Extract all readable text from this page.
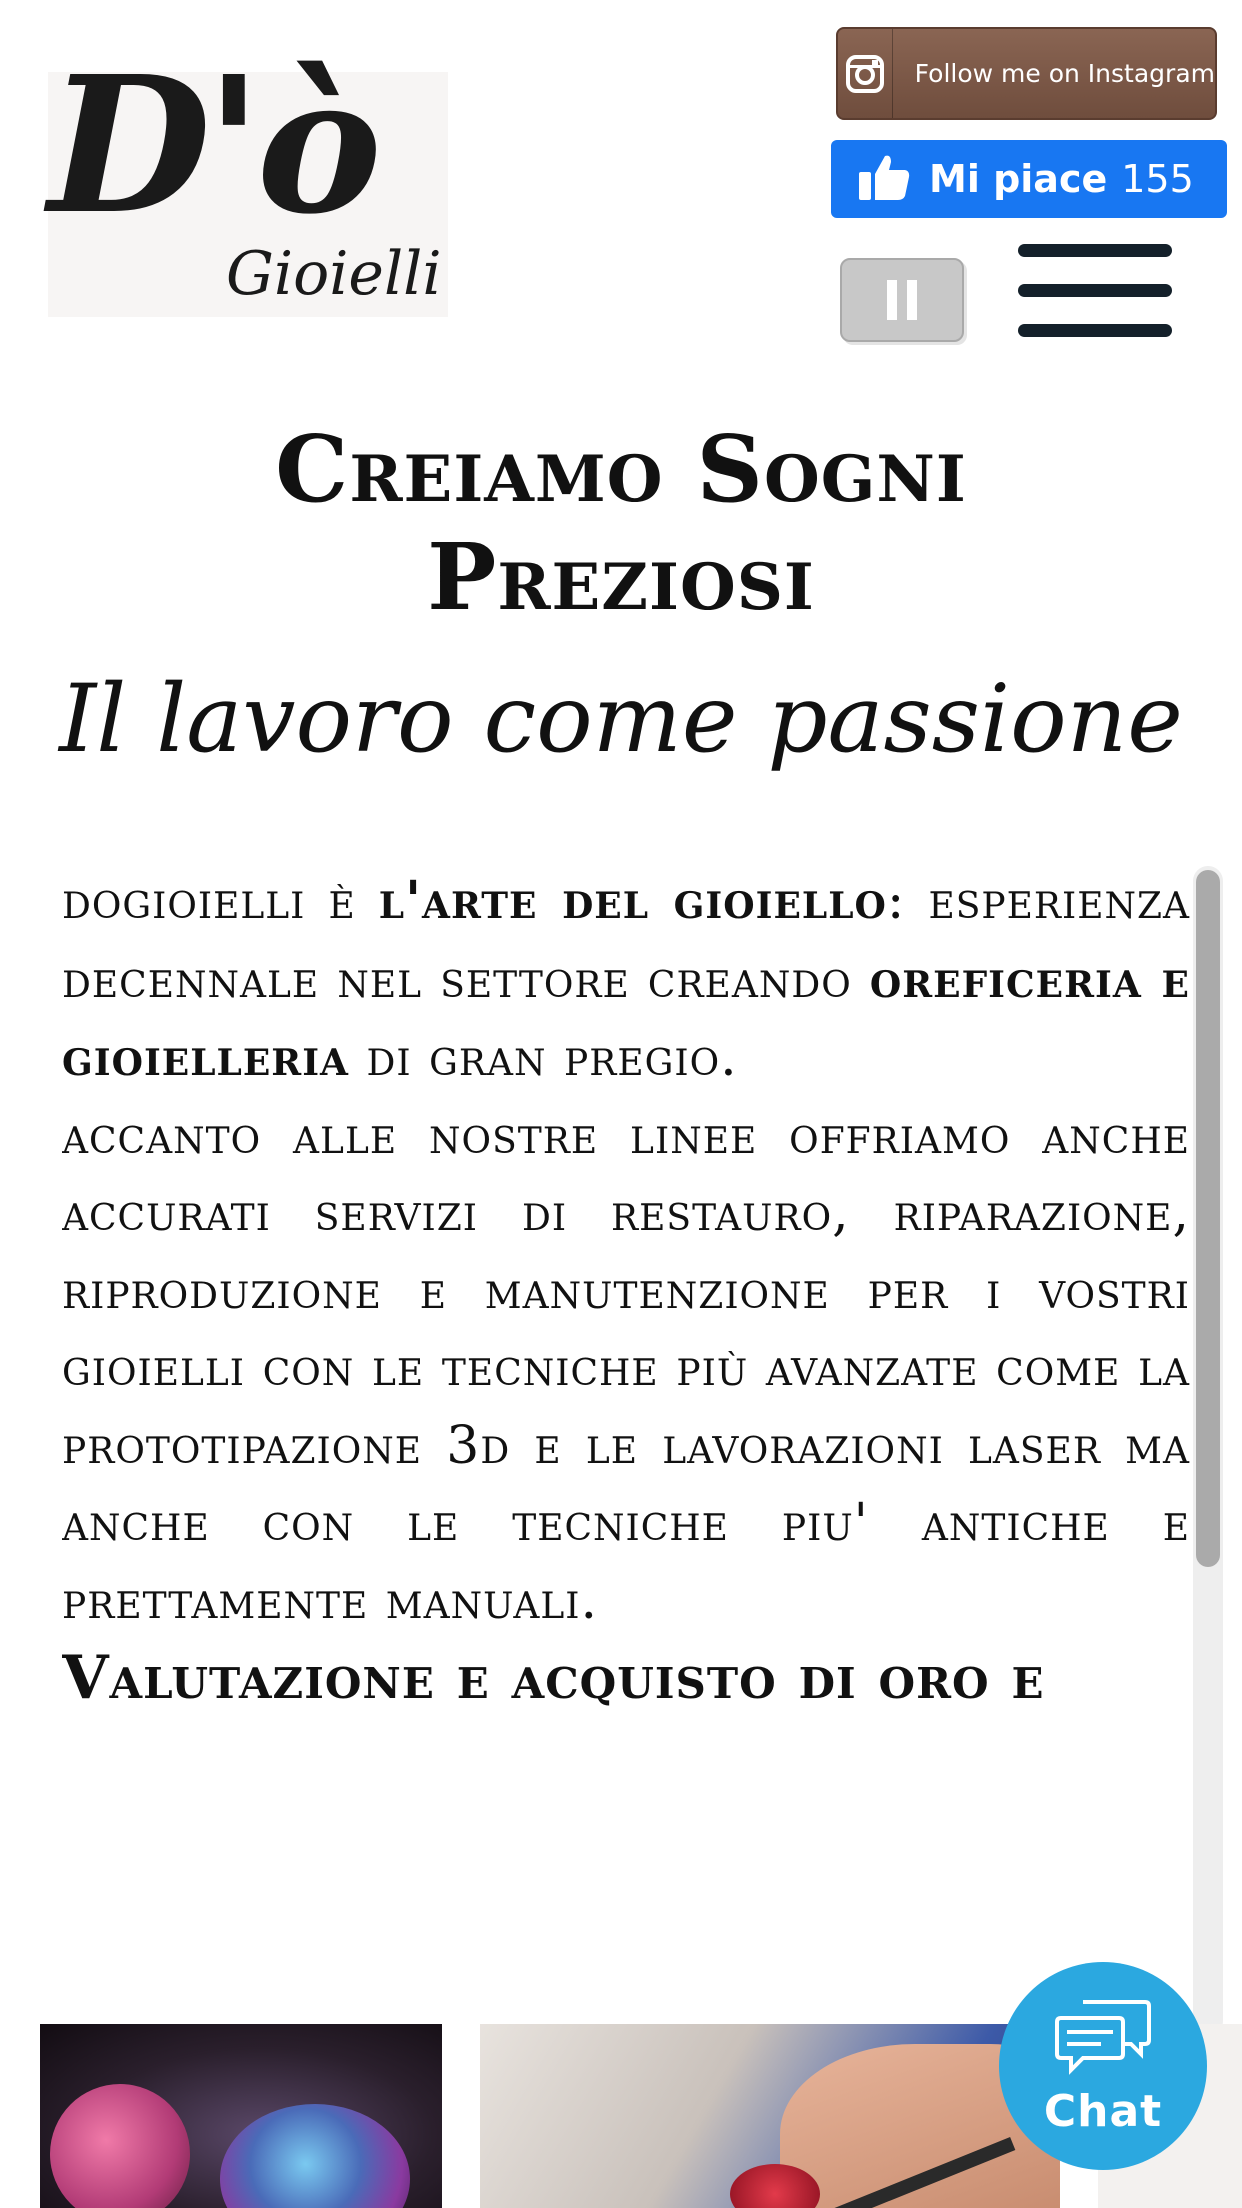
D'ò
Gioielli
Follow me on Instagram
Mi piace 155
Creiamo Sogni
Preziosi
Il lavoro come passione

dogioielli è l'arte del gioiello: esperienza decennale nel settore creando oreficeria e gioielleria di gran pregio.

accanto alle nostre linee offriamo anche accurati servizi di restauro, riparazione, riproduzione e manutenzione per i vostri gioielli con le tecniche più avanzate come la prototipazione 3d e le lavorazioni laser ma anche con le tecniche piu' antiche e prettamente manuali.

Valutazione e acquisto di oro e

Chat
